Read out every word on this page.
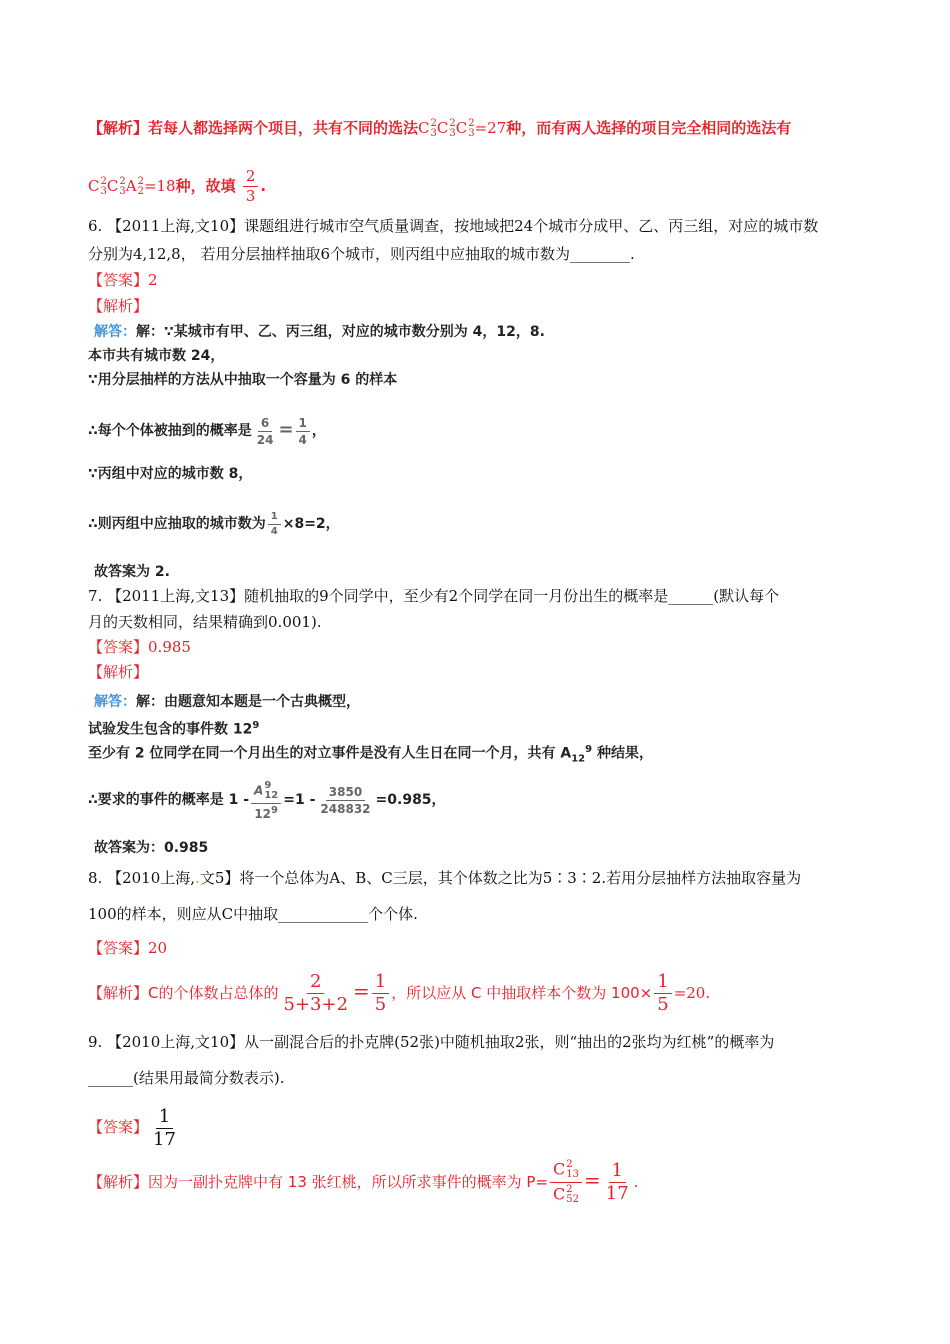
【解析】若每人都选择两个项目，共有不同的选法C 2
3 C 2
3 C 2
3 =27种，而有两人选择的项目完全相同的选法有
C 2
3 C 2
3 A 2
2 =18种，故填 $\frac{2}{3}$ .
6. 【2011上海,文10】课题组进行城市空气质量调查，按地域把24个城市分成甲、乙、丙三组，对应的城市数
分别为4,12,8， 若用分层抽样抽取6个城市，则丙组中应抽取的城市数为________.
【答案】2
【解析】
解答：解：∵某城市有甲、乙、丙三组，对应的城市数分别为 4，12，8.
本市共有城市数 24，
∵用分层抽样的方法从中抽取一个容量为 6 的样本
∴每个个体被抽到的概率是 $\frac{6}{24} = \frac{1}{4}$ ，
∵丙组中对应的城市数 8，
∴则丙组中应抽取的城市数为 $\frac{1}{4} \times 8=2$，
故答案为 2.
7. 【2011上海,文13】随机抽取的9个同学中，至少有2个同学在同一月份出生的概率是______(默认每个
月的天数相同，结果精确到0.001).
【答案】0.985
【解析】
解答：解：由题意知本题是一个古典概型，
试验发生包含的事件数 $12^9$
至少有 2 位同学在同一个月出生的对立事件是没有人生日在同一个月，共有 $A_{12}^9$ 种结果，
∴要求的事件的概率是 1 - A 9
12
$12^9 =1 - \frac{3850}{248832} =0.985$，
故答案为：0.985
8. 【2010上海,.文5】将一个总体为A、B、C三层，其个体数之比为5∶3∶2.若用分层抽样方法抽取容量为
100的样本，则应从C中抽取____________个个体.
【答案】20
【解析】C的个体数占总体的 $\frac{2}{5+3+2} = \frac{1}{5}$ ，所以应从 C 中抽取样本个数为 $100\times \frac{1}{5} =20$.
9. 【2010上海,文10】从一副混合后的扑克牌(52张)中随机抽取2张，则“抽出的2张均为红桃”的概率为
______(结果用最简分数表示).
【答案】 $\frac{1}{17}$
【解析】因为一副扑克牌中有 13 张红桃，所以所求事件的概率为 P= C 2
13
C 2
$52 = \frac{1}{17}$ .
